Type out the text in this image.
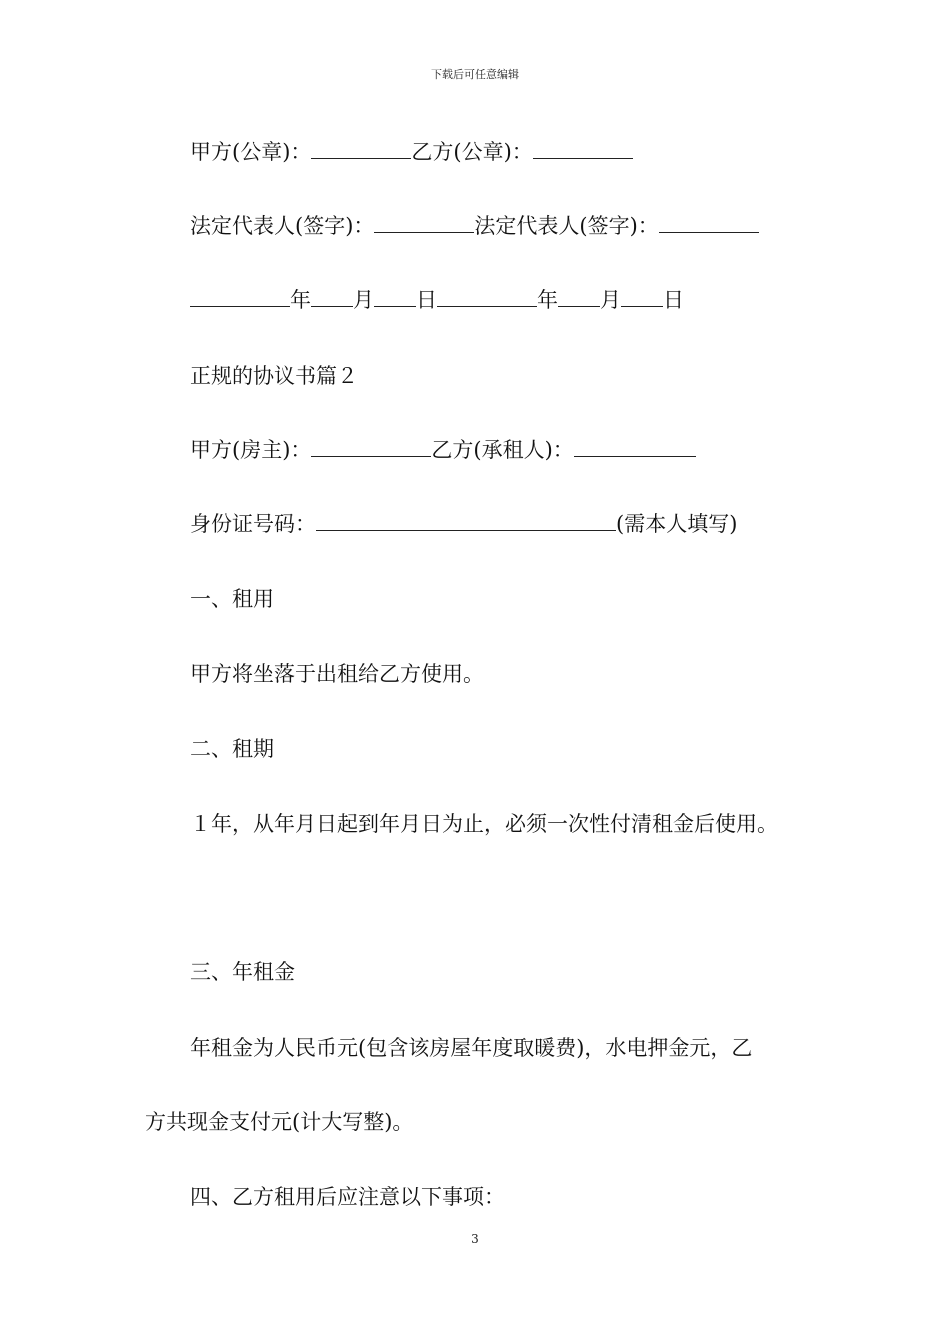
下载后可任意编辑
甲方(公章)：	乙方(公章)：
法定代表人(签字)：	法定代表人(签字)：
年 月 日	年 月 日
正规的协议书篇２
甲方(房主)：	乙方(承租人)：
身份证号码：	(需本人填写)
一、租用
甲方将坐落于出租给乙方使用。
二、租期
１年，从年月日起到年月日为止，必须一次性付清租金后使用。
三、年租金
年租金为人民币元(包含该房屋年度取暖费)，水电押金元，乙
方共现金支付元(计大写整)。
四、乙方租用后应注意以下事项：
3
